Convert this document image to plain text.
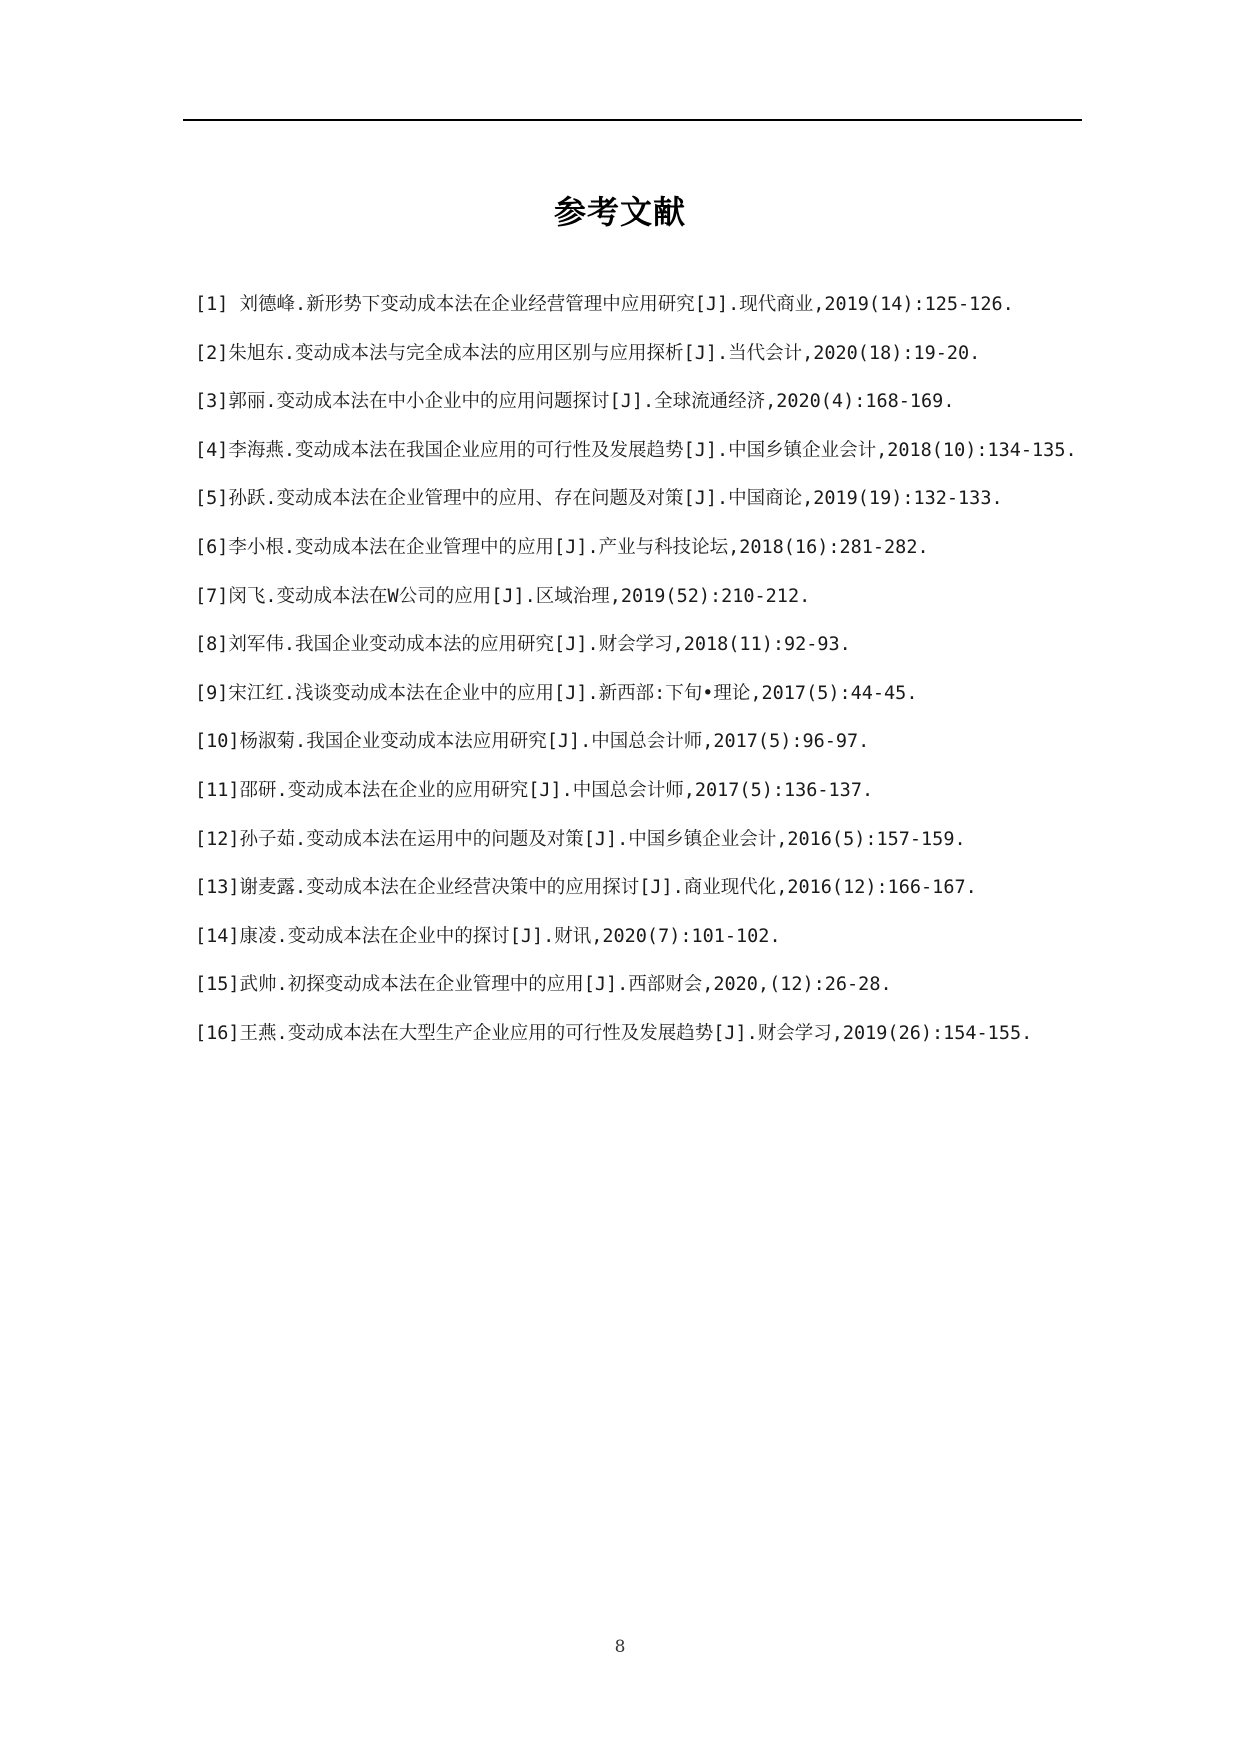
参考文献
[1] 刘德峰.新形势下变动成本法在企业经营管理中应用研究[J].现代商业,2019(14):125-126.
[2]朱旭东.变动成本法与完全成本法的应用区别与应用探析[J].当代会计,2020(18):19-20.
[3]郭丽.变动成本法在中小企业中的应用问题探讨[J].全球流通经济,2020(4):168-169.
[4]李海燕.变动成本法在我国企业应用的可行性及发展趋势[J].中国乡镇企业会计,2018(10):134-135.
[5]孙跃.变动成本法在企业管理中的应用、存在问题及对策[J].中国商论,2019(19):132-133.
[6]李小根.变动成本法在企业管理中的应用[J].产业与科技论坛,2018(16):281-282.
[7]闵飞.变动成本法在W公司的应用[J].区域治理,2019(52):210-212.
[8]刘军伟.我国企业变动成本法的应用研究[J].财会学习,2018(11):92-93.
[9]宋江红.浅谈变动成本法在企业中的应用[J].新西部:下旬•理论,2017(5):44-45.
[10]杨淑菊.我国企业变动成本法应用研究[J].中国总会计师,2017(5):96-97.
[11]邵研.变动成本法在企业的应用研究[J].中国总会计师,2017(5):136-137.
[12]孙子茹.变动成本法在运用中的问题及对策[J].中国乡镇企业会计,2016(5):157-159.
[13]谢麦露.变动成本法在企业经营决策中的应用探讨[J].商业现代化,2016(12):166-167.
[14]康凌.变动成本法在企业中的探讨[J].财讯,2020(7):101-102.
[15]武帅.初探变动成本法在企业管理中的应用[J].西部财会,2020,(12):26-28.
[16]王燕.变动成本法在大型生产企业应用的可行性及发展趋势[J].财会学习,2019(26):154-155.
8
